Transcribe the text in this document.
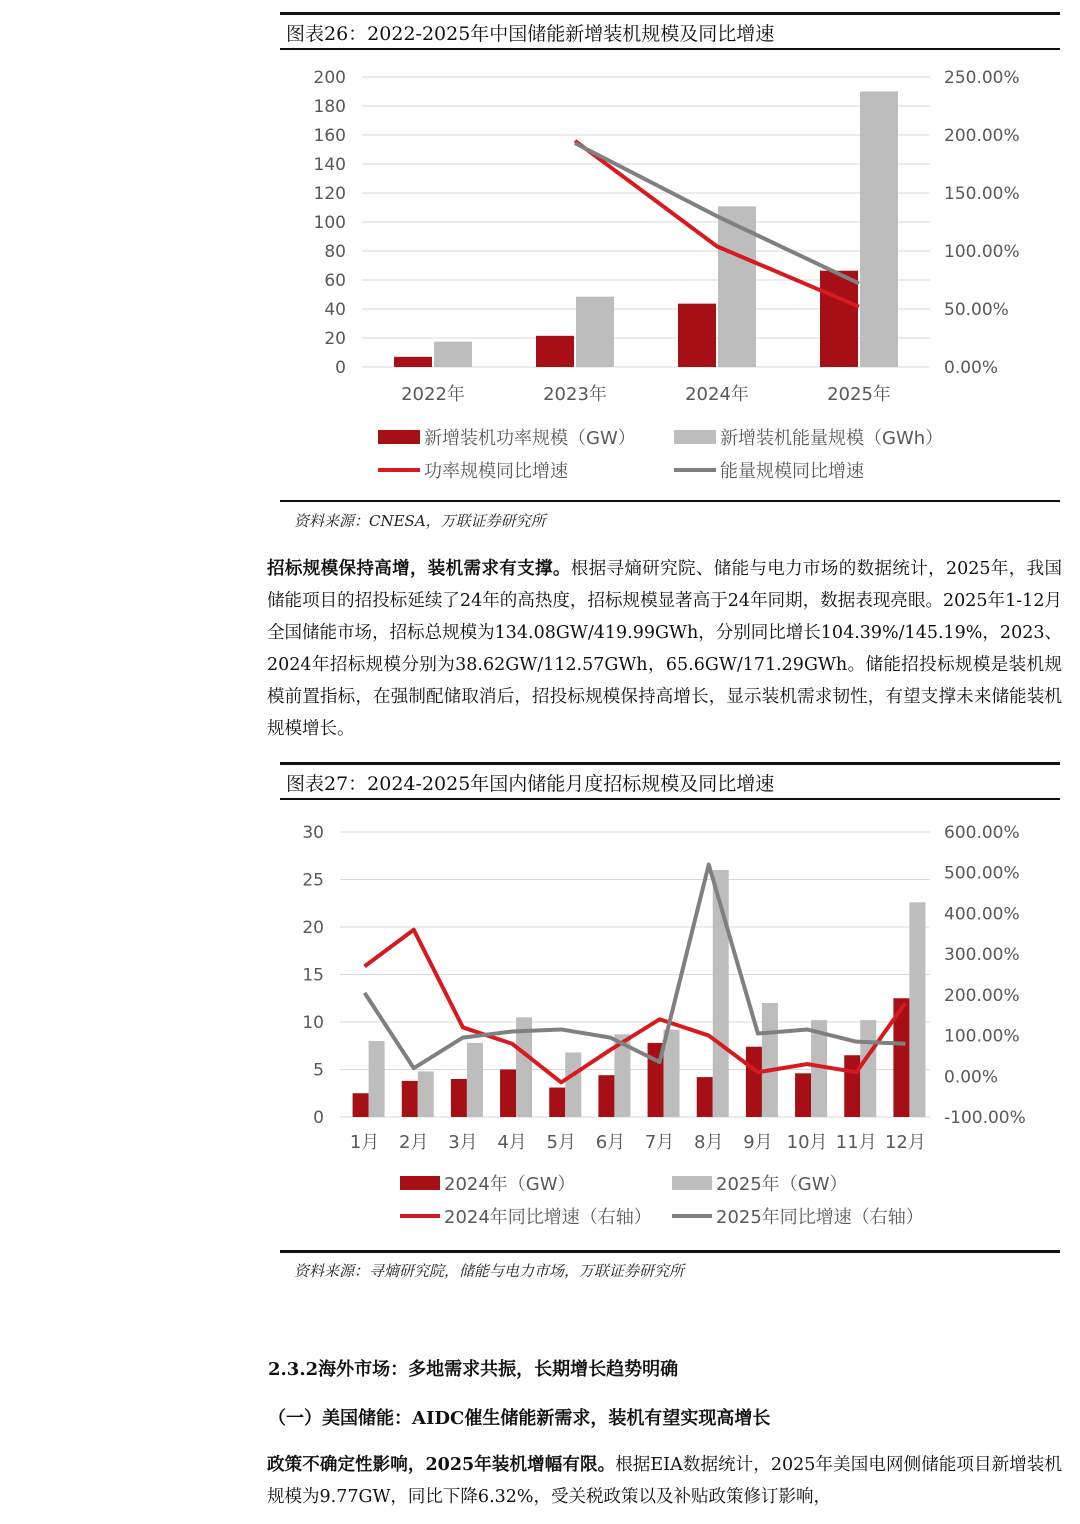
图表26：2022-2025年中国储能新增装机规模及同比增速
0
20
40
60
80
100
120
140
160
180
200
0.00%
50.00%
100.00%
150.00%
200.00%
250.00%
2022年	2023年	2024年	2025年
新增装机功率规模（GW）	新增装机能量规模（GWh）
功率规模同比增速	能量规模同比增速
资料来源：CNESA，万联证券研究所
招标规模保持高增，装机需求有支撑。根据寻熵研究院、储能与电力市场的数据统计，2025年，我国储能项目的招投标延续了24年的高热度，招标规模显著高于24年同期，数据表现亮眼。2025年1-12月全国储能市场，招标总规模为134.08GW/419.99GWh，分别同比增长104.39%/145.19%，2023、2024年招标规模分别为38.62GW/112.57GWh，65.6GW/171.29GWh。储能招投标规模是装机规模前置指标，在强制配储取消后，招投标规模保持高增长，显示装机需求韧性，有望支撑未来储能装机规模增长。
图表27：2024-2025年国内储能月度招标规模及同比增速
0
5
10
15
20
25
30
-100.00%
0.00%
100.00%
200.00%
300.00%
400.00%
500.00%
600.00%
1月 2月 3月 4月 5月 6月 7月 8月 9月 10月 11月 12月
2024年（GW）	2025年（GW）
2024年同比增速（右轴）	2025年同比增速（右轴）
资料来源：寻熵研究院，储能与电力市场，万联证券研究所
2.3.2海外市场：多地需求共振，长期增长趋势明确
（一）美国储能：AIDC催生储能新需求，装机有望实现高增长
政策不确定性影响，2025年装机增幅有限。根据EIA数据统计，2025年美国电网侧储能项目新增装机规模为9.77GW，同比下降6.32%，受关税政策以及补贴政策修订影响，
